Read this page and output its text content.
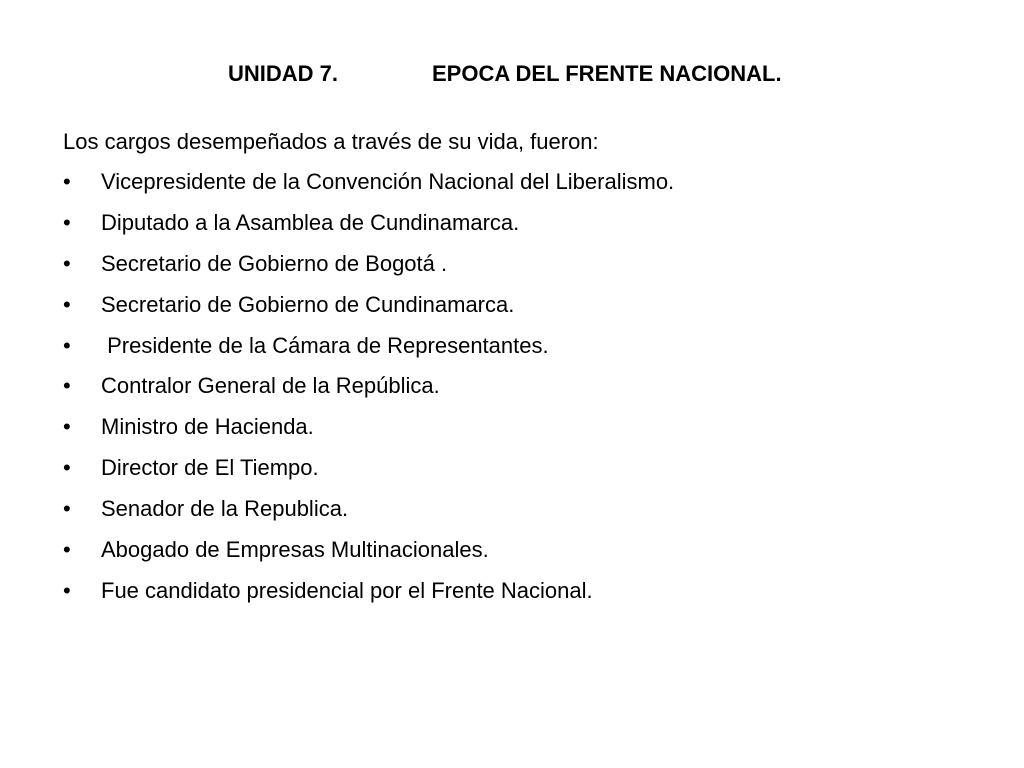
UNIDAD 7.	EPOCA DEL FRENTE NACIONAL.
Los cargos desempeñados a través de su vida, fueron:
•	Vicepresidente de la Convención Nacional del Liberalismo.
•	Diputado a la Asamblea de Cundinamarca.
•	Secretario de Gobierno de Bogotá .
•	Secretario de Gobierno de Cundinamarca.
•	Presidente de la Cámara de Representantes.
•	Contralor General de la República.
•	Ministro de Hacienda.
•	Director de El Tiempo.
•	Senador de la Republica.
•	Abogado de Empresas Multinacionales.
•	Fue candidato presidencial por el Frente Nacional.
